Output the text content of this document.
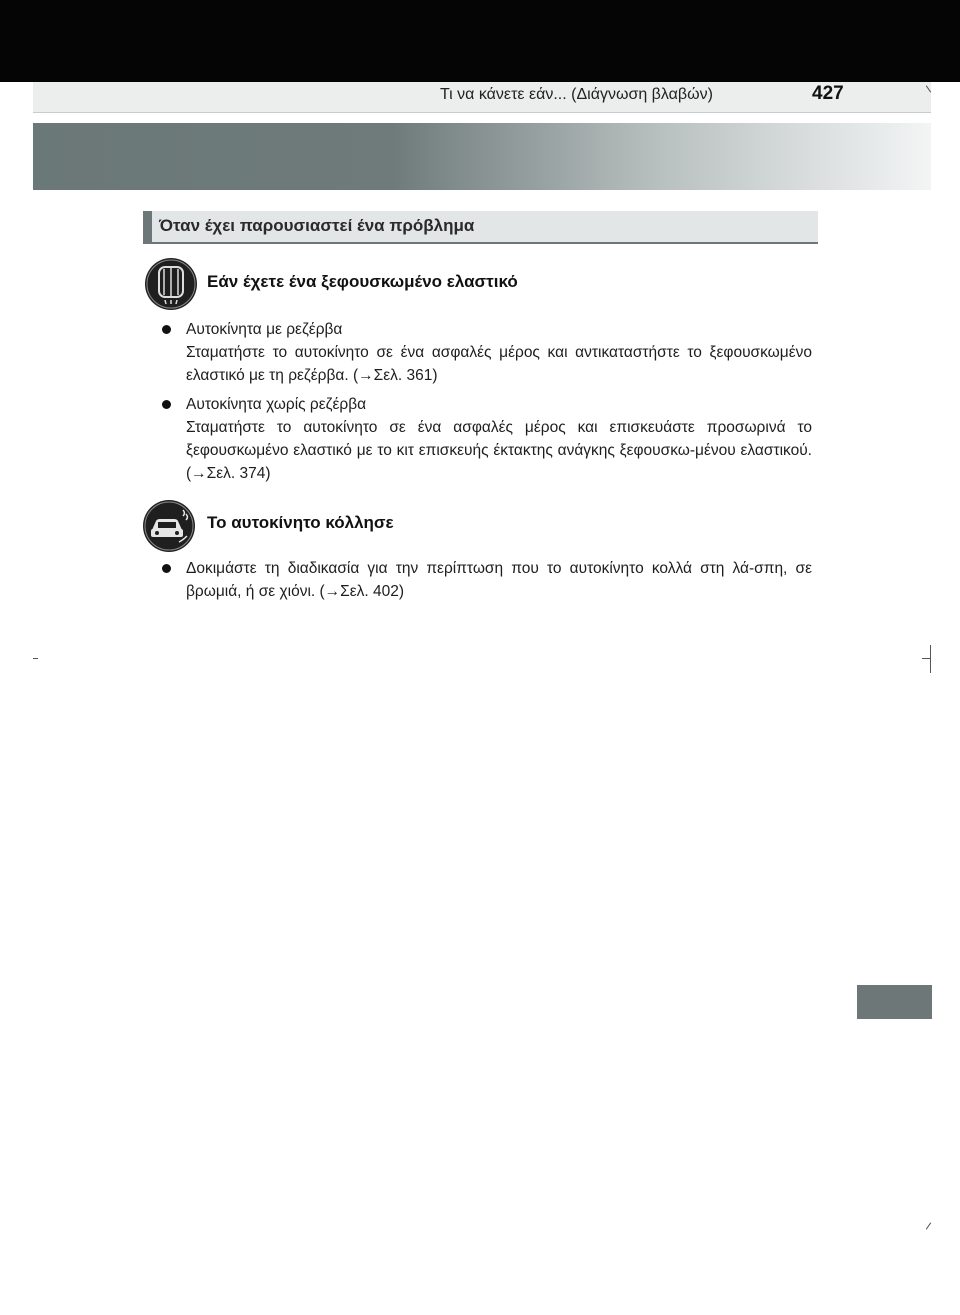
Τι να κάνετε εάν... (Διάγνωση βλαβών)	427
Όταν έχει παρουσιαστεί ένα πρόβλημα
Εάν έχετε ένα ξεφουσκωμένο ελαστικό
Αυτοκίνητα με ρεζέρβα
Σταματήστε το αυτοκίνητο σε ένα ασφαλές μέρος και αντικαταστήστε το ξεφουσκωμένο ελαστικό με τη ρεζέρβα. (→Σελ. 361)
Αυτοκίνητα χωρίς ρεζέρβα
Σταματήστε το αυτοκίνητο σε ένα ασφαλές μέρος και επισκευάστε προσωρινά το ξεφουσκωμένο ελαστικό με το κιτ επισκευής έκτακτης ανάγκης ξεφουσκω-μένου ελαστικού. (→Σελ. 374)
Το αυτοκίνητο κόλλησε
Δοκιμάστε τη διαδικασία για την περίπτωση που το αυτοκίνητο κολλά στη λά-σπη, σε βρωμιά, ή σε χιόνι. (→Σελ. 402)
